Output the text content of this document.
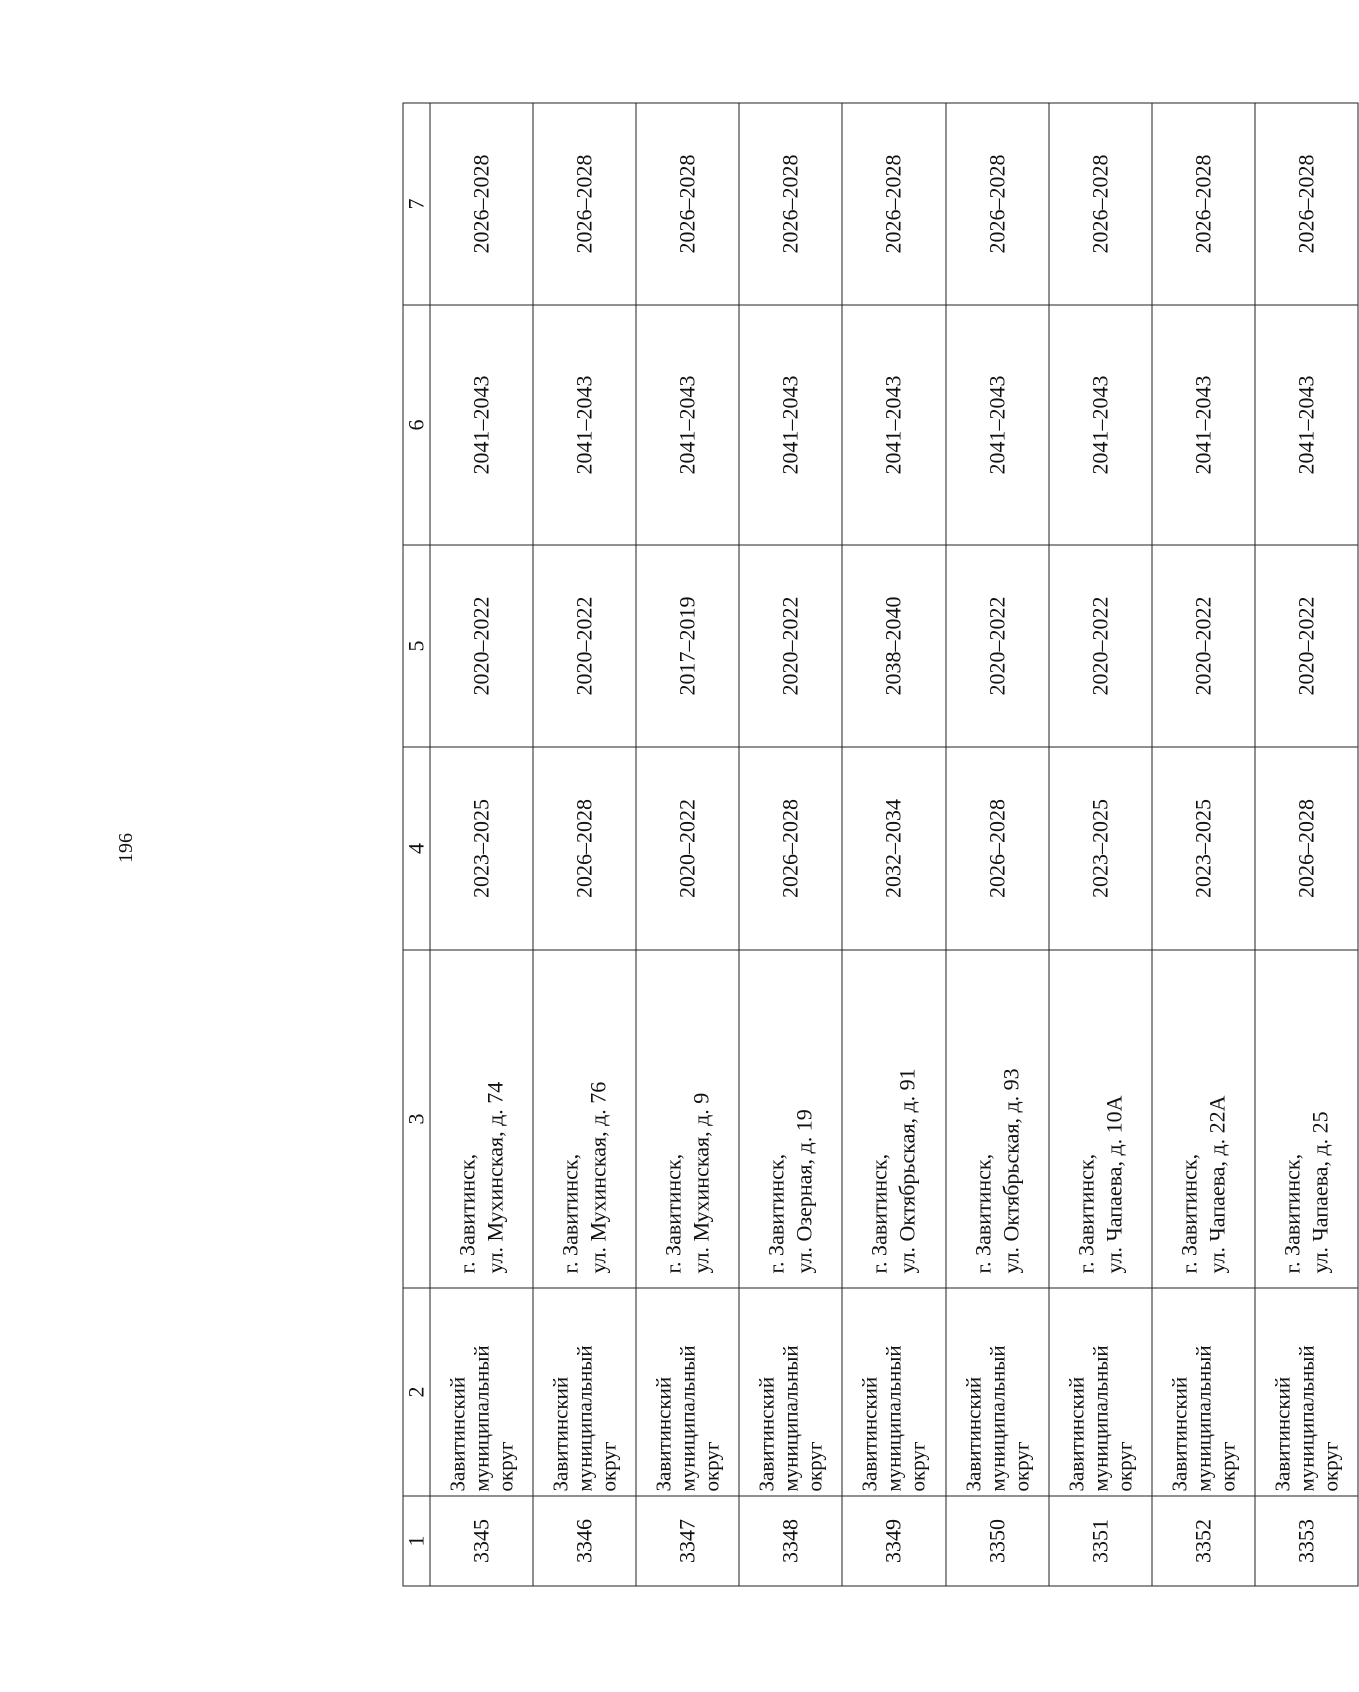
196
1	2	3	4	5	6	7
3345	Завитинский муниципальный округ	г. Завитинск, ул. Мухинская, д. 74	2023–2025	2020–2022	2041–2043	2026–2028
3346	Завитинский муниципальный округ	г. Завитинск, ул. Мухинская, д. 76	2026–2028	2020–2022	2041–2043	2026–2028
3347	Завитинский муниципальный округ	г. Завитинск, ул. Мухинская, д. 9	2020–2022	2017–2019	2041–2043	2026–2028
3348	Завитинский муниципальный округ	г. Завитинск, ул. Озерная, д. 19	2026–2028	2020–2022	2041–2043	2026–2028
3349	Завитинский муниципальный округ	г. Завитинск, ул. Октябрьская, д. 91	2032–2034	2038–2040	2041–2043	2026–2028
3350	Завитинский муниципальный округ	г. Завитинск, ул. Октябрьская, д. 93	2026–2028	2020–2022	2041–2043	2026–2028
3351	Завитинский муниципальный округ	г. Завитинск, ул. Чапаева, д. 10А	2023–2025	2020–2022	2041–2043	2026–2028
3352	Завитинский муниципальный округ	г. Завитинск, ул. Чапаева, д. 22А	2023–2025	2020–2022	2041–2043	2026–2028
3353	Завитинский муниципальный округ	г. Завитинск, ул. Чапаева, д. 25	2026–2028	2020–2022	2041–2043	2026–2028
